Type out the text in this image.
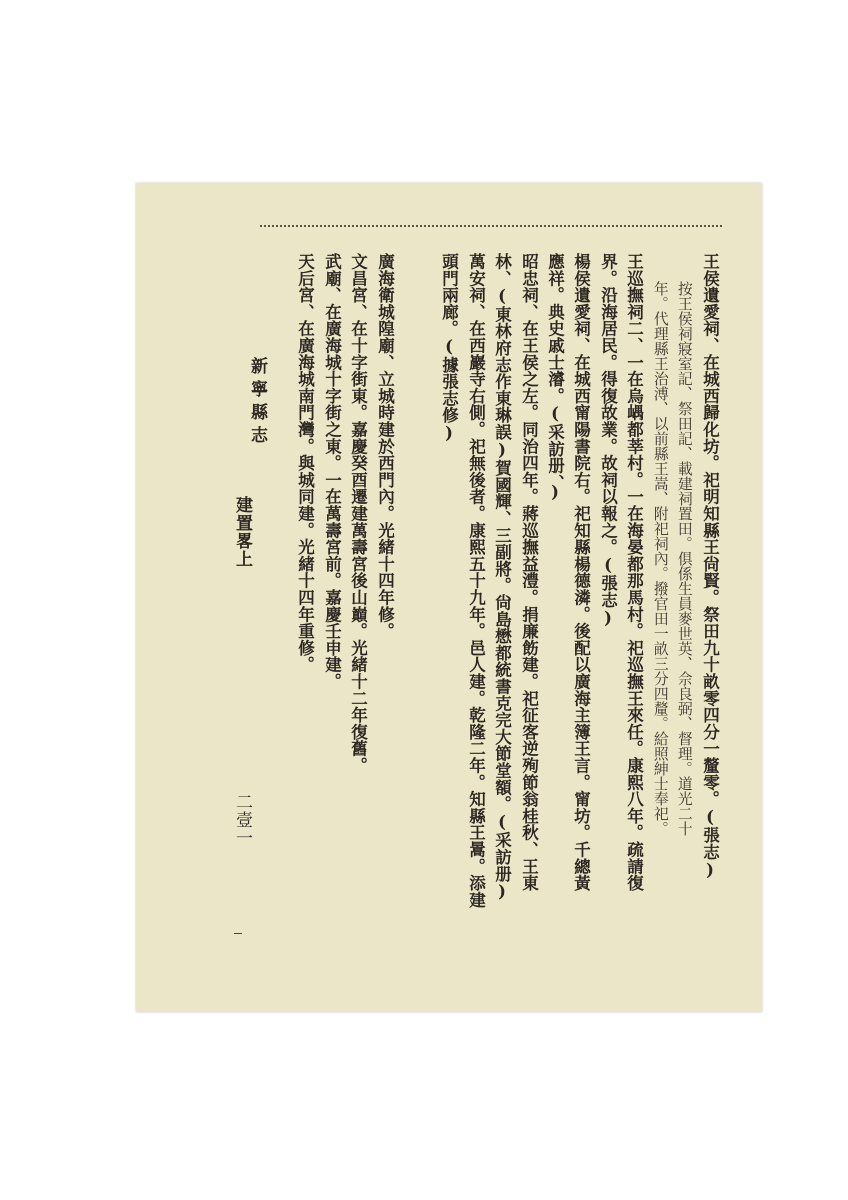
王侯遺愛祠、在城西歸化坊。祀明知縣王尙賢。祭田九十畝零四分一釐零。(張志)
按王侯祠寢室記、祭田記、載建祠置田。俱係生員麥世英、佘良弼、督理。道光二十
年。代理縣王治溥、以前縣王嵩、附祀祠內。撥官田一畝三分四釐。給照紳士奉祀。
王巡撫祠二、一在烏嵎都莘村。一在海晏都那馬村。祀巡撫王來任。康熙八年。疏請復
界。沿海居民。得復故業。故祠以報之。(張志)
楊侯遺愛祠、在城西甯陽書院右。祀知縣楊德潾。後配以廣海主簿王言。甯坊。千總黃
應祥。典史戚士濬。(采訪册、)
昭忠祠、在王侯之左。同治四年。蔣巡撫益澧。捐廉飭建。祀征客逆殉節翁桂秋、王東
林、(東林府志作東琳誤)賀國輝、三副將。尙島懋都統書克完大節堂額。(采訪册)
萬安祠、在西巖寺右側。祀無後者。康熙五十九年。邑人建。乾隆二年。知縣王暠。添建
頭門兩廊。(據張志修)
廣海衛城隍廟、立城時建於西門內。光緒十四年修。
文昌宮、在十字街東。嘉慶癸酉遷建萬壽宮後山巔。光緒十二年復舊。
武廟、在廣海城十字街之東。一在萬壽宮前。嘉慶壬申建。
天后宮、在廣海城南門灣。與城同建。光緒十四年重修。
新寧縣志
建置畧上
二壹一
